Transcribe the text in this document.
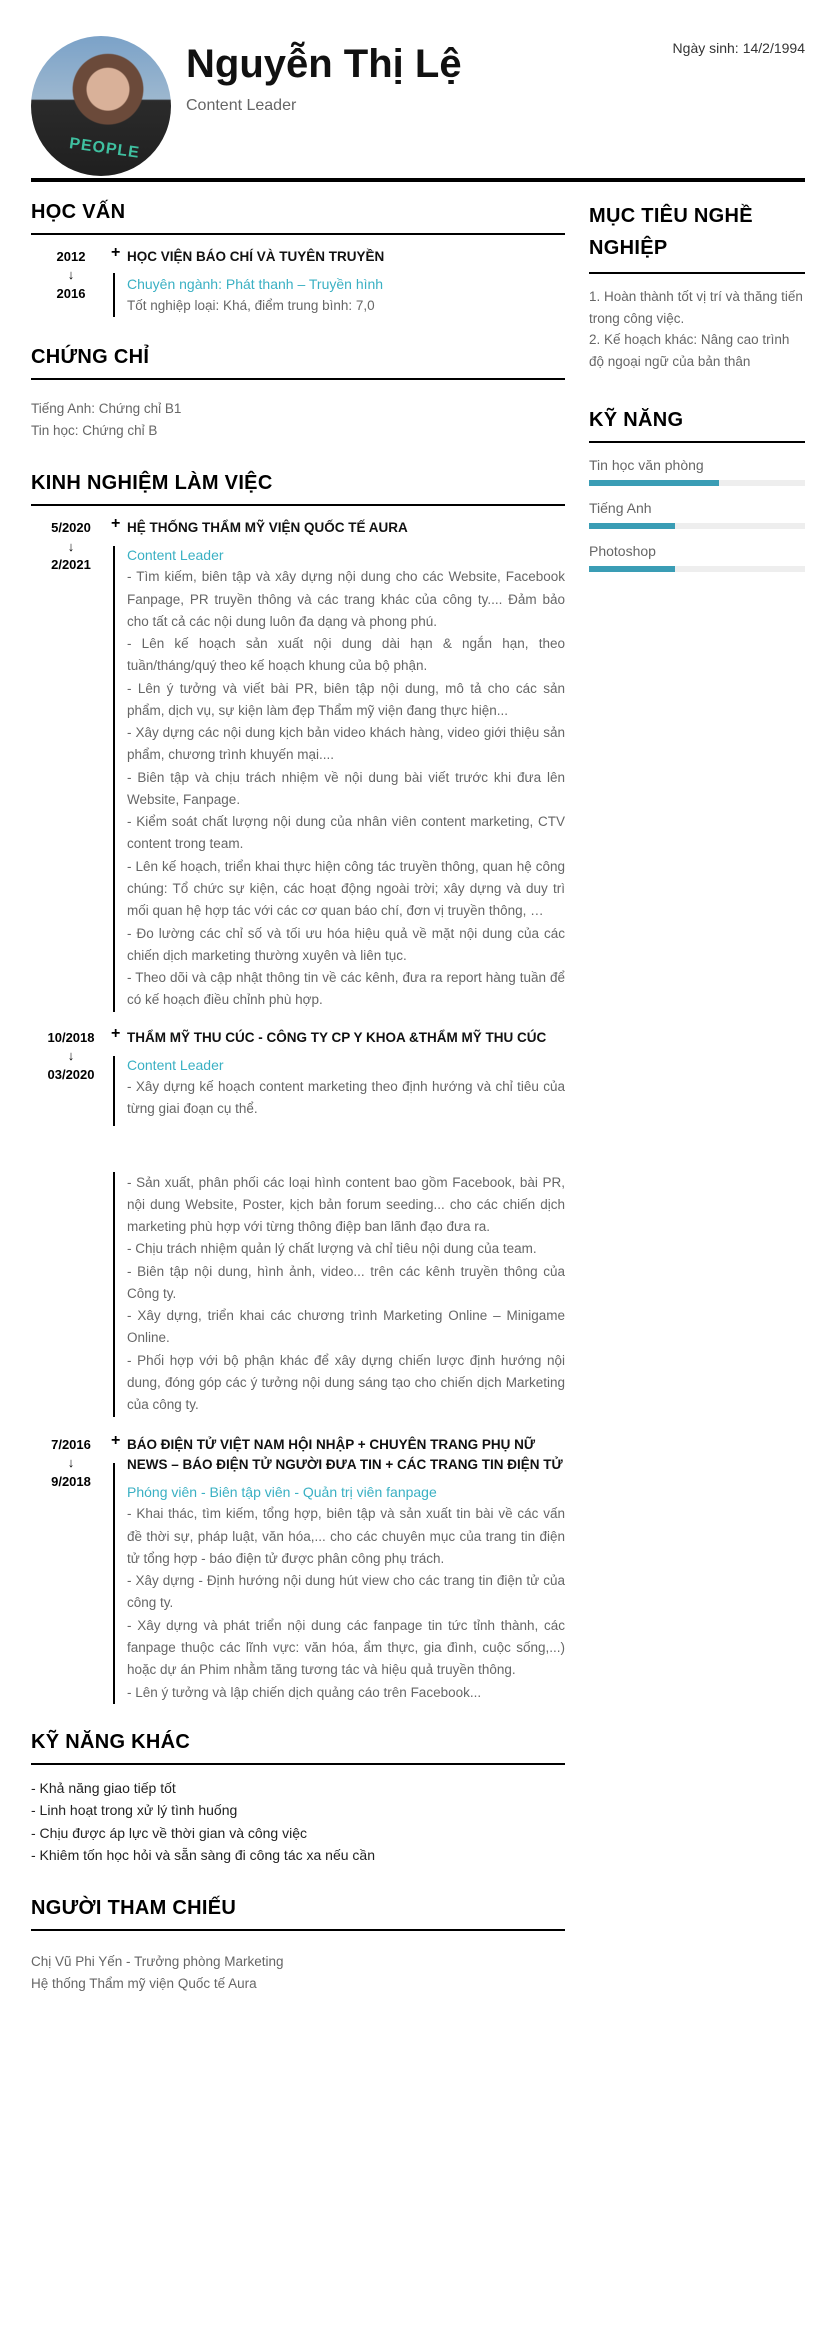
PEOPLE
Nguyễn Thị Lệ
Content Leader
Ngày sinh: 14/2/1994
HỌC VẤN
2012
↓
2016
+ HỌC VIỆN BÁO CHÍ VÀ TUYÊN TRUYỀN
Chuyên ngành: Phát thanh – Truyền hình
Tốt nghiệp loại: Khá, điểm trung bình: 7,0
CHỨNG CHỈ
Tiếng Anh: Chứng chỉ B1
Tin học: Chứng chỉ B
KINH NGHIỆM LÀM VIỆC
5/2020
↓
2/2021
+ HỆ THỐNG THẨM MỸ VIỆN QUỐC TẾ AURA
Content Leader

- Tìm kiếm, biên tập và xây dựng nội dung cho các Website, Facebook Fanpage, PR truyền thông và các trang khác của công ty.... Đảm bảo cho tất cả các nội dung luôn đa dạng và phong phú.

- Lên kế hoạch sản xuất nội dung dài hạn & ngắn hạn, theo tuần/tháng/quý theo kế hoạch khung của bộ phận.

- Lên ý tưởng và viết bài PR, biên tập nội dung, mô tả cho các sản phẩm, dịch vụ, sự kiện làm đẹp Thẩm mỹ viện đang thực hiện...

- Xây dựng các nội dung kịch bản video khách hàng, video giới thiệu sản phẩm, chương trình khuyến mại....

- Biên tập và chịu trách nhiệm về nội dung bài viết trước khi đưa lên Website, Fanpage.

- Kiểm soát chất lượng nội dung của nhân viên content marketing, CTV content trong team.

- Lên kế hoạch, triển khai thực hiện công tác truyền thông, quan hệ công chúng: Tổ chức sự kiện, các hoạt động ngoài trời; xây dựng và duy trì mối quan hệ hợp tác với các cơ quan báo chí, đơn vị truyền thông, …

- Đo lường các chỉ số và tối ưu hóa hiệu quả về mặt nội dung của các chiến dịch marketing thường xuyên và liên tục.

- Theo dõi và cập nhật thông tin về các kênh, đưa ra report hàng tuần để có kế hoạch điều chỉnh phù hợp.

10/2018
↓
03/2020
+ THẨM MỸ THU CÚC - CÔNG TY CP Y KHOA &THẨM MỸ THU CÚC
Content Leader

- Xây dựng kế hoạch content marketing theo định hướng và chỉ tiêu của từng giai đoạn cụ thể.

- Sản xuất, phân phối các loại hình content bao gồm Facebook, bài PR, nội dung Website, Poster, kịch bản forum seeding... cho các chiến dịch marketing phù hợp với từng thông điệp ban lãnh đạo đưa ra.

- Chịu trách nhiệm quản lý chất lượng và chỉ tiêu nội dung của team.

- Biên tập nội dung, hình ảnh, video... trên các kênh truyền thông của Công ty.

- Xây dựng, triển khai các chương trình Marketing Online – Minigame Online.

- Phối hợp với bộ phận khác để xây dựng chiến lược định hướng nội dung, đóng góp các ý tưởng nội dung sáng tạo cho chiến dịch Marketing của công ty.

7/2016
↓
9/2018
+ BÁO ĐIỆN TỬ VIỆT NAM HỘI NHẬP + CHUYÊN TRANG PHỤ NỮ NEWS – BÁO ĐIỆN TỬ NGƯỜI ĐƯA TIN + CÁC TRANG TIN ĐIỆN TỬ
Phóng viên - Biên tập viên - Quản trị viên fanpage

- Khai thác, tìm kiếm, tổng hợp, biên tập và sản xuất tin bài về các vấn đề thời sự, pháp luật, văn hóa,... cho các chuyên mục của trang tin điện tử tổng hợp - báo điện tử được phân công phụ trách.

- Xây dựng - Định hướng nội dung hút view cho các trang tin điện tử của công ty.

- Xây dựng và phát triển nội dung các fanpage tin tức tỉnh thành, các fanpage thuộc các lĩnh vực: văn hóa, ẩm thực, gia đình, cuộc sống,...) hoặc dự án Phim nhằm tăng tương tác và hiệu quả truyền thông.

- Lên ý tưởng và lập chiến dịch quảng cáo trên Facebook...

KỸ NĂNG KHÁC
- Khả năng giao tiếp tốt
- Linh hoạt trong xử lý tình huống
- Chịu được áp lực về thời gian và công việc
- Khiêm tốn học hỏi và sẵn sàng đi công tác xa nếu cần
NGƯỜI THAM CHIẾU
Chị Vũ Phi Yến - Trưởng phòng Marketing
Hệ thống Thẩm mỹ viện Quốc tế Aura
MỤC TIÊU NGHỀ NGHIỆP
1. Hoàn thành tốt vị trí và thăng tiến trong công việc.
2. Kế hoạch khác: Nâng cao trình độ ngoại ngữ của bản thân
KỸ NĂNG
Tin học văn phòng
Tiếng Anh
Photoshop
